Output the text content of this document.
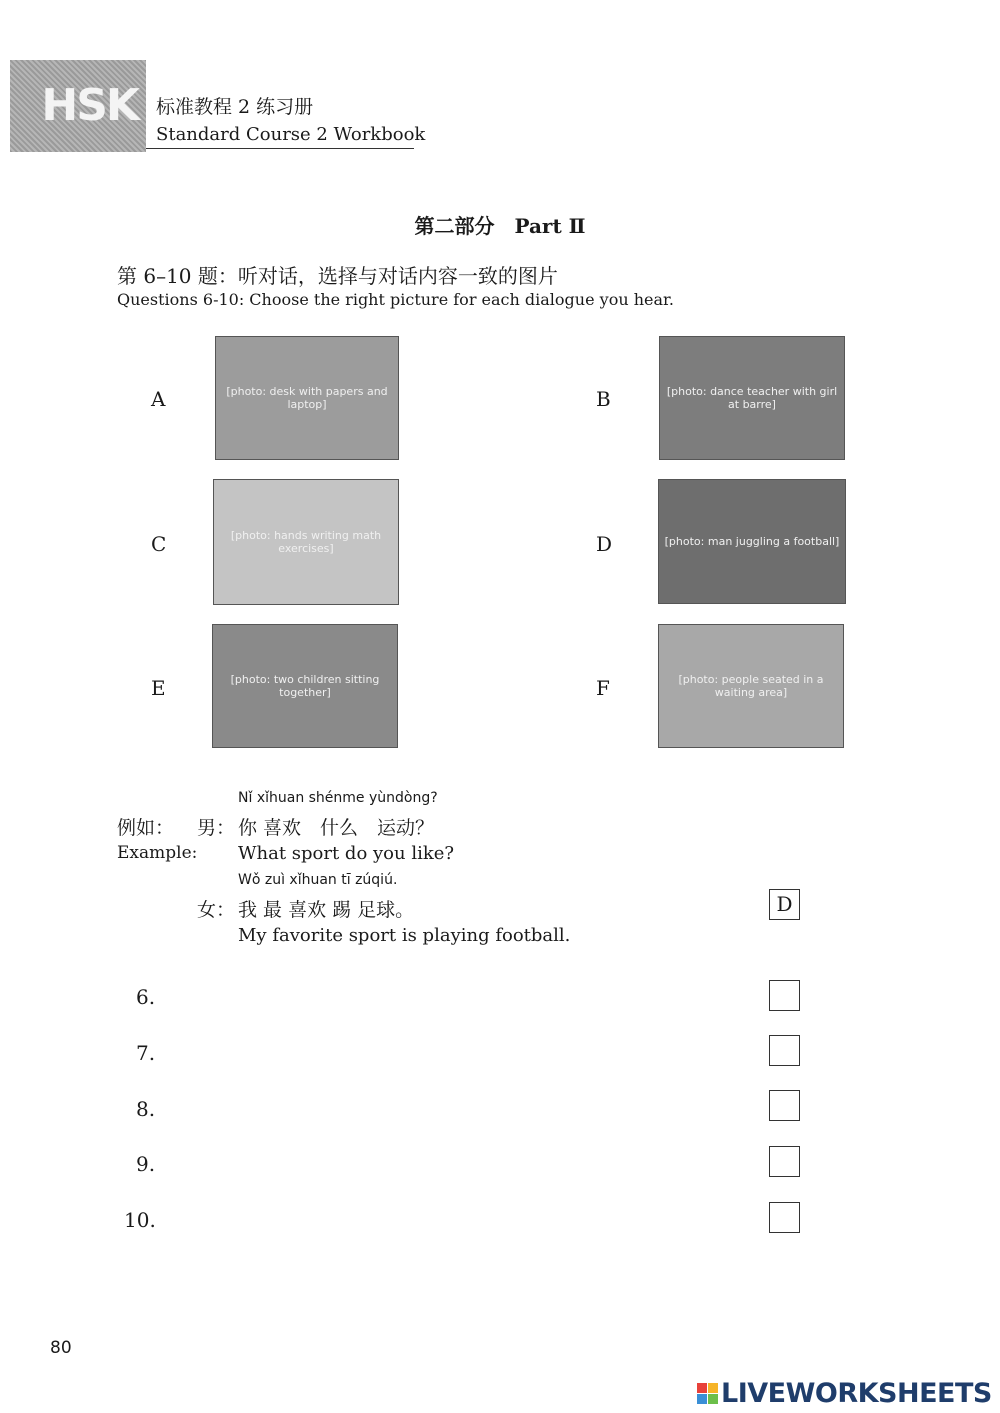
HSK 标准教程 2 练习册
Standard Course 2 Workbook
第二部分　Part Ⅱ
第 6–10 题：听对话，选择与对话内容一致的图片
Questions 6-10: Choose the right picture for each dialogue you hear.
A	[photo: desk with papers and laptop]	B	[photo: dance teacher with girl at barre]
C	[photo: hands writing math exercises]	D	[photo: man juggling a football]
E	[photo: two children sitting together]	F	[photo: people seated in a waiting area]
Nǐ xǐhuan shénme yùndòng?
例如： 男： 你 喜欢　什么　运动？
Example: What sport do you like?
Wǒ zuì xǐhuan tī zúqiú.
女： 我 最 喜欢 踢 足球。
My favorite sport is playing football.
D
6.
7.
8.
9.
10.
80
LIVEWORKSHEETS
